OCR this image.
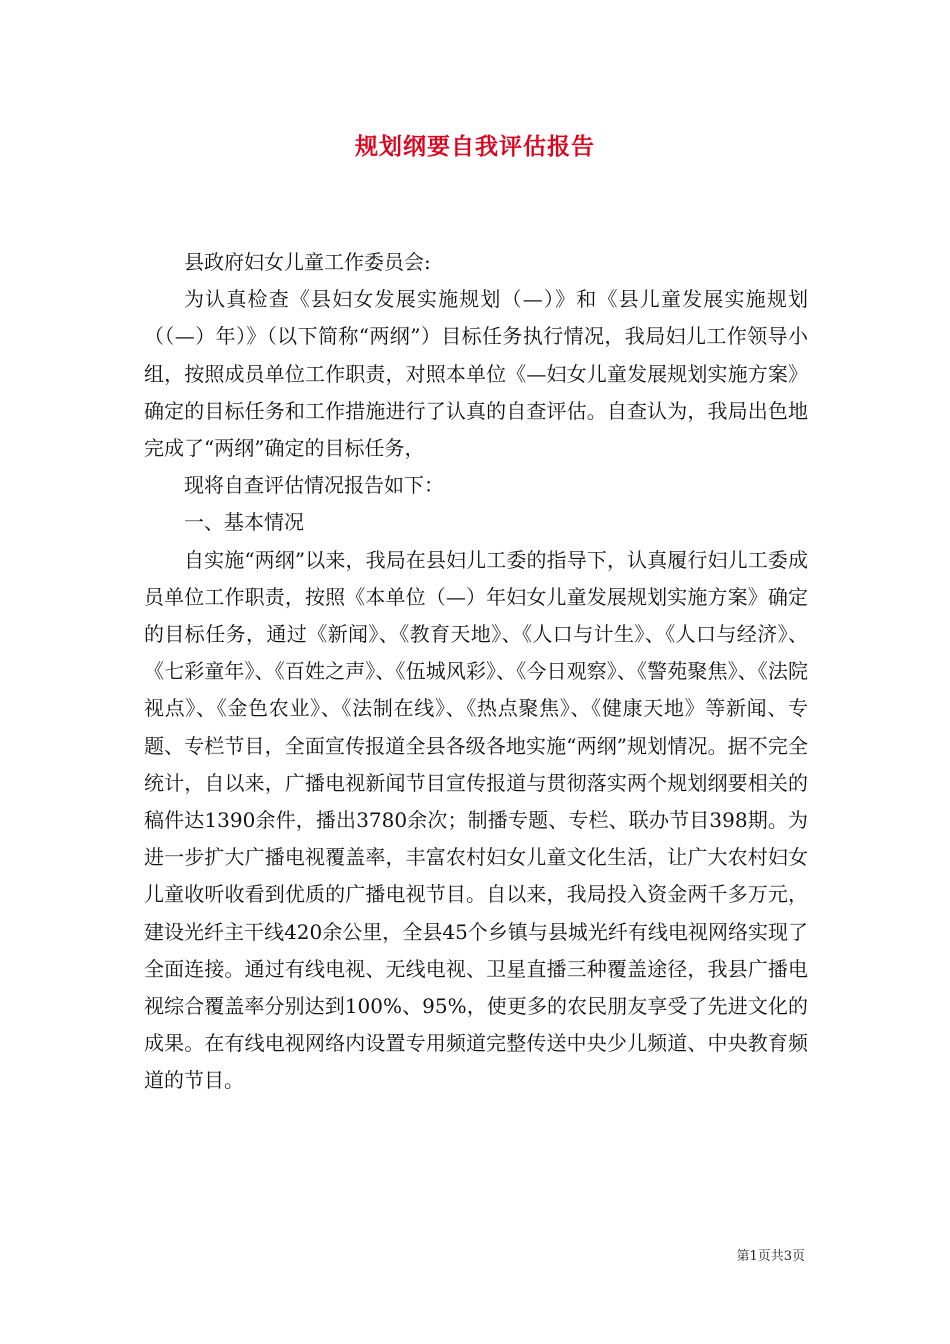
规划纲要自我评估报告

县政府妇女儿童工作委员会:

为认真检查《县妇女发展实施规划（—）》和《县儿童发展实施规划（（—）年）》（以下简称“两纲”）目标任务执行情况，我局妇儿工作领导小组，按照成员单位工作职责，对照本单位《—妇女儿童发展规划实施方案》确定的目标任务和工作措施进行了认真的自查评估。自查认为，我局出色地完成了“两纲”确定的目标任务，

现将自查评估情况报告如下：

一、基本情况

自实施“两纲”以来，我局在县妇儿工委的指导下，认真履行妇儿工委成员单位工作职责，按照《本单位（—）年妇女儿童发展规划实施方案》确定的目标任务，通过《新闻》、《教育天地》、《人口与计生》、《人口与经济》、《七彩童年》、《百姓之声》、《伍城风彩》、《今日观察》、《警苑聚焦》、《法院视点》、《金色农业》、《法制在线》、《热点聚焦》、《健康天地》等新闻、专题、专栏节目，全面宣传报道全县各级各地实施“两纲”规划情况。据不完全统计，自以来，广播电视新闻节目宣传报道与贯彻落实两个规划纲要相关的稿件达1390余件，播出3780余次；制播专题、专栏、联办节目398期。为进一步扩大广播电视覆盖率，丰富农村妇女儿童文化生活，让广大农村妇女儿童收听收看到优质的广播电视节目。自以来，我局投入资金两千多万元，建设光纤主干线420余公里，全县45个乡镇与县城光纤有线电视网络实现了全面连接。通过有线电视、无线电视、卫星直播三种覆盖途径，我县广播电视综合覆盖率分别达到100%、95%，使更多的农民朋友享受了先进文化的成果。在有线电视网络内设置专用频道完整传送中央少儿频道、中央教育频道的节目。

第1页共3页
